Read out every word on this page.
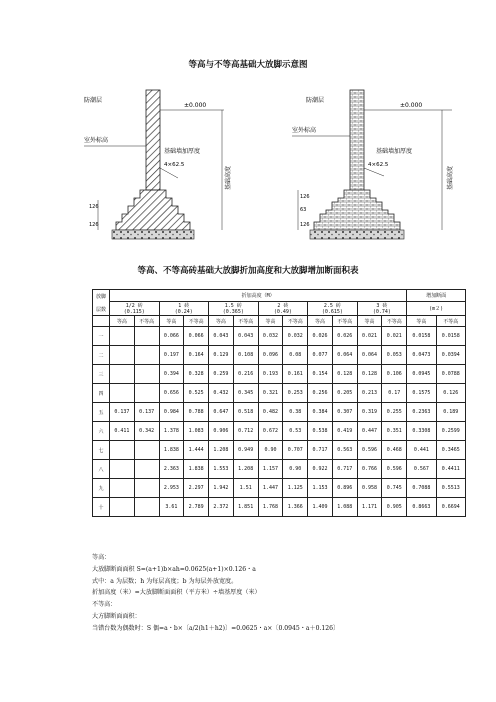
等高与不等高基础大放脚示意图
防潮层
±0.000
室外标高
基础墙加厚度
4×62.5
基础高度
126
126
防潮层
±0.000
室外标高
基础墙加厚度
4×62.5
基础高度
126
63
126
等高、不等高砖基础大放脚折加高度和大放脚增加断面积表
放脚

层数	折加高度（M）												增加断面	
	1/2 砖
(0.115)		1 砖
(0.24)		1.5 砖
(0.365)		2 砖
(0.49)		2.5 砖
(0.615)		3 砖
(0.74)		(m２)	
	等高	不等高	等高	不等高	等高	不等高	等高	不等高	等高	不等高	等高	不等高	等高	不等高
一			0.066	0.066	0.043	0.043	0.032	0.032	0.026	0.026	0.021	0.021	0.0158	0.0158
二			0.197	0.164	0.129	0.108	0.096	0.08	0.077	0.064	0.064	0.053	0.0473	0.0394
三			0.394	0.328	0.259	0.216	0.193	0.161	0.154	0.128	0.128	0.106	0.0945	0.0788
四			0.656	0.525	0.432	0.345	0.321	0.253	0.256	0.205	0.213	0.17	0.1575	0.126
五	0.137	0.137	0.984	0.788	0.647	0.518	0.482	0.38	0.384	0.307	0.319	0.255	0.2363	0.189
六	0.411	0.342	1.378	1.083	0.906	0.712	0.672	0.53	0.538	0.419	0.447	0.351	0.3308	0.2599
七			1.838	1.444	1.208	0.949	0.90	0.707	0.717	0.563	0.596	0.468	0.441	0.3465
八			2.363	1.838	1.553	1.208	1.157	0.90	0.922	0.717	0.766	0.596	0.567	0.4411
九			2.953	2.297	1.942	1.51	1.447	1.125	1.153	0.896	0.958	0.745	0.7088	0.5513
十			3.61	2.789	2.372	1.851	1.768	1.366	1.409	1.088	1.171	0.905	0.8663	0.6694
等高：
大放脚断面面积 S=(a+1)b×ah=0.0625(a+1)×0.126・a
式中：a 为层数；h 为每层高度；b 为每层外放宽度。
折加高度（米）=大放脚断面面积（平方米）÷墙基厚度（米）
不等高：
大方脚断面面积：
当错台数为偶数时：S 偶=a・b×〔a/2(h1＋h2)〕=0.0625・a×〔0.0945・a＋0.126〕
